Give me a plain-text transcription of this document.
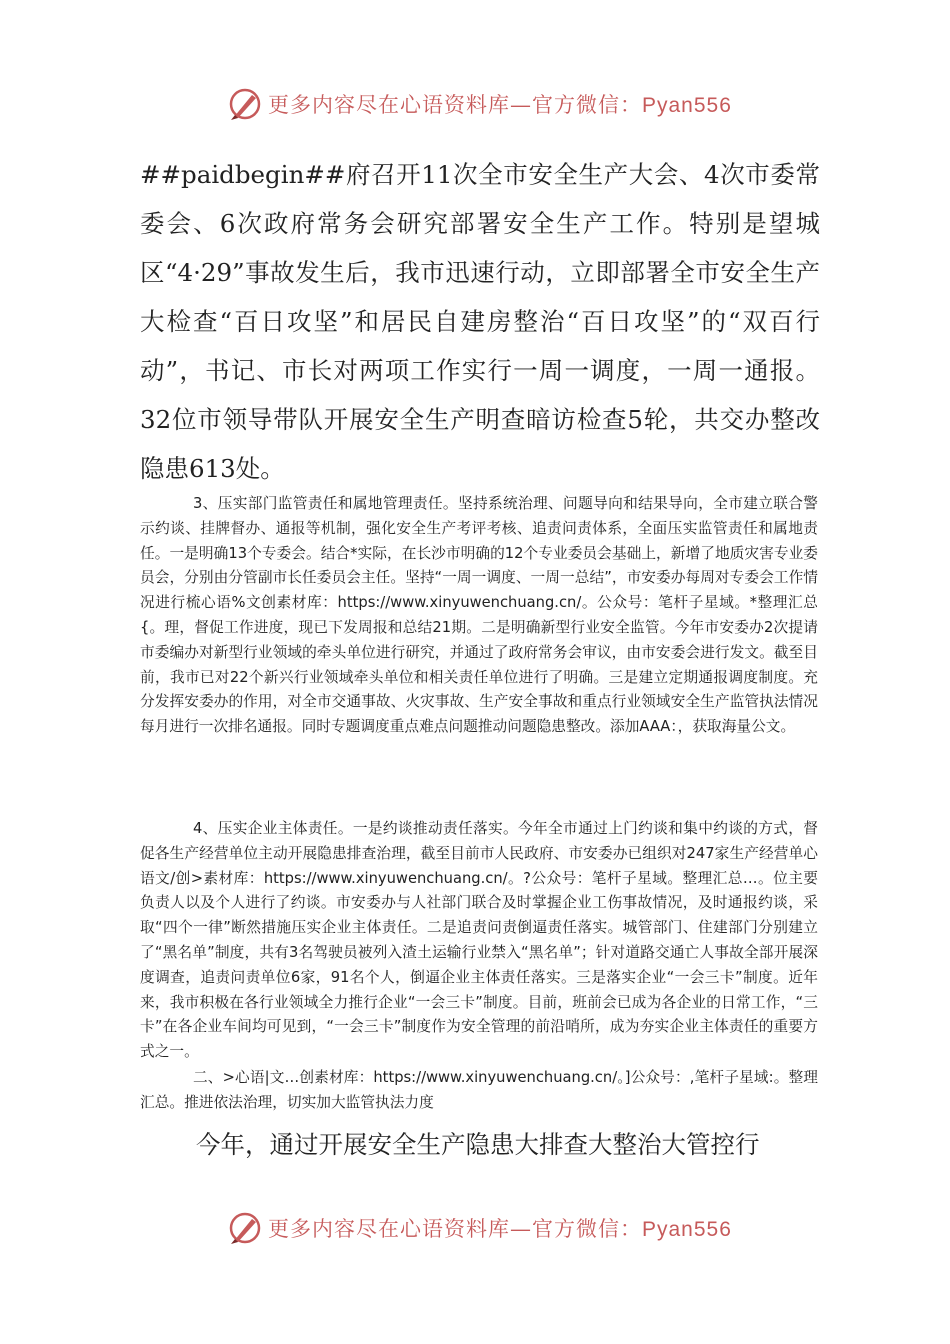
更多内容尽在心语资料库—官方微信：Pyan556

##paidbegin##府召开11次全市安全生产大会、4次市委常委会、6次政府常务会研究部署安全生产工作。特别是望城区“4·29”事故发生后，我市迅速行动，立即部署全市安全生产大检查“百日攻坚”和居民自建房整治“百日攻坚”的“双百行动”，书记、市长对两项工作实行一周一调度，一周一通报。32位市领导带队开展安全生产明查暗访检查5轮，共交办整改隐患613处。

3、压实部门监管责任和属地管理责任。坚持系统治理、问题导向和结果导向，全市建立联合警示约谈、挂牌督办、通报等机制，强化安全生产考评考核、追责问责体系，全面压实监管责任和属地责任。一是明确13个专委会。结合*实际，在长沙市明确的12个专业委员会基础上，新增了地质灾害专业委员会，分别由分管副市长任委员会主任。坚持“一周一调度、一周一总结”，市安委办每周对专委会工作情况进行梳心语%文创素材库：https://www.xinyuwenchuang.cn/。公众号：笔杆子星域。*整理汇总{。理，督促工作进度，现已下发周报和总结21期。二是明确新型行业安全监管。今年市安委办2次提请市委编办对新型行业领域的牵头单位进行研究，并通过了政府常务会审议，由市安委会进行发文。截至目前，我市已对22个新兴行业领域牵头单位和相关责任单位进行了明确。三是建立定期通报调度制度。充分发挥安委办的作用，对全市交通事故、火灾事故、生产安全事故和重点行业领域安全生产监管执法情况每月进行一次排名通报。同时专题调度重点难点问题推动问题隐患整改。添加AAA：，获取海量公文。

4、压实企业主体责任。一是约谈推动责任落实。今年全市通过上门约谈和集中约谈的方式，督促各生产经营单位主动开展隐患排查治理，截至目前市人民政府、市安委办已组织对247家生产经营单心语文/创>素材库：https://www.xinyuwenchuang.cn/。?公众号：笔杆子星域。整理汇总…。位主要负责人以及个人进行了约谈。市安委办与人社部门联合及时掌握企业工伤事故情况，及时通报约谈，采取“四个一律”断然措施压实企业主体责任。二是追责问责倒逼责任落实。城管部门、住建部门分别建立了“黑名单”制度，共有3名驾驶员被列入渣土运输行业禁入“黑名单”；针对道路交通亡人事故全部开展深度调查，追责问责单位6家，91名个人，倒逼企业主体责任落实。三是落实企业“一会三卡”制度。近年来，我市积极在各行业领域全力推行企业“一会三卡”制度。目前，班前会已成为各企业的日常工作，“三卡”在各企业车间均可见到，“一会三卡”制度作为安全管理的前沿哨所，成为夯实企业主体责任的重要方式之一。

二、>心语|文…创素材库：https://www.xinyuwenchuang.cn/。]公众号：,笔杆子星域:。整理汇总。推进依法治理，切实加大监管执法力度

今年，通过开展安全生产隐患大排查大整治大管控行

更多内容尽在心语资料库—官方微信：Pyan556
